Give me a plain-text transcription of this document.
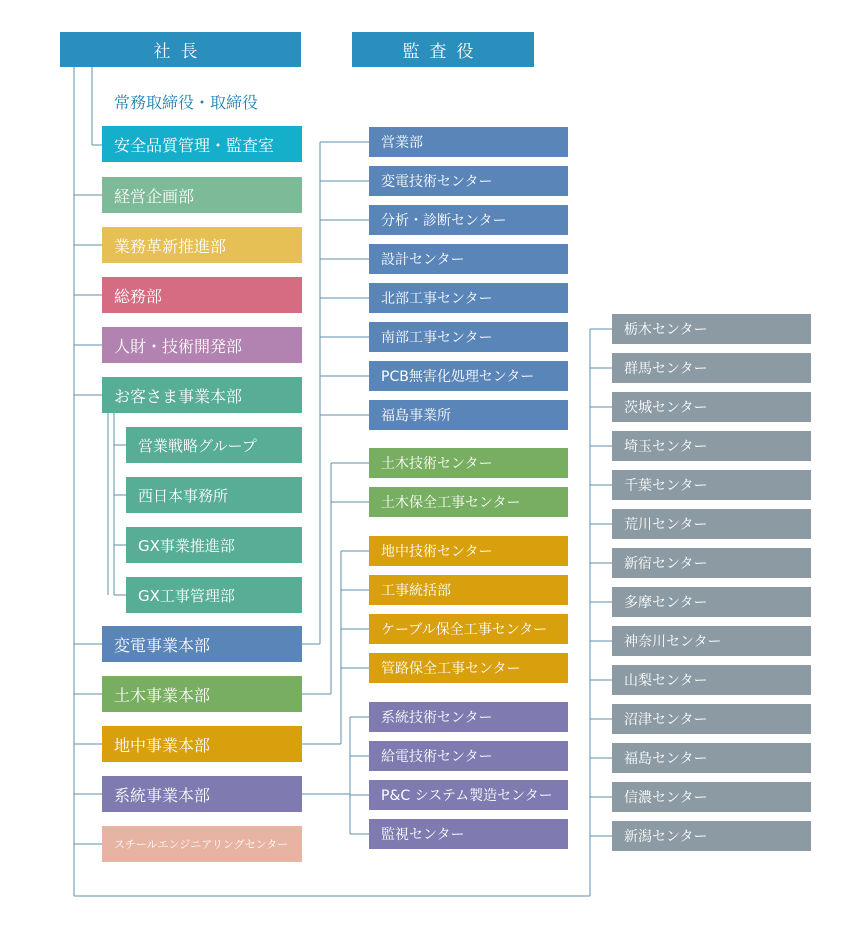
社長	監査役
常務取締役・取締役
安全品質管理・監査室
経営企画部
業務革新推進部
総務部
人財・技術開発部
お客さま事業本部
変電事業本部
土木事業本部
地中事業本部
系統事業本部
スチールエンジニアリングセンター
営業戦略グループ
西日本事務所
GX事業推進部
GX工事管理部
営業部
変電技術センター
分析・診断センター
設計センター
北部工事センター
南部工事センター
PCB無害化処理センター
福島事業所
土木技術センター
土木保全工事センター
地中技術センター
工事統括部
ケーブル保全工事センター
管路保全工事センター
系統技術センター
給電技術センター
P&C システム製造センター
監視センター
栃木センター
群馬センター
茨城センター
埼玉センター
千葉センター
荒川センター
新宿センター
多摩センター
神奈川センター
山梨センター
沼津センター
福島センター
信濃センター
新潟センター
